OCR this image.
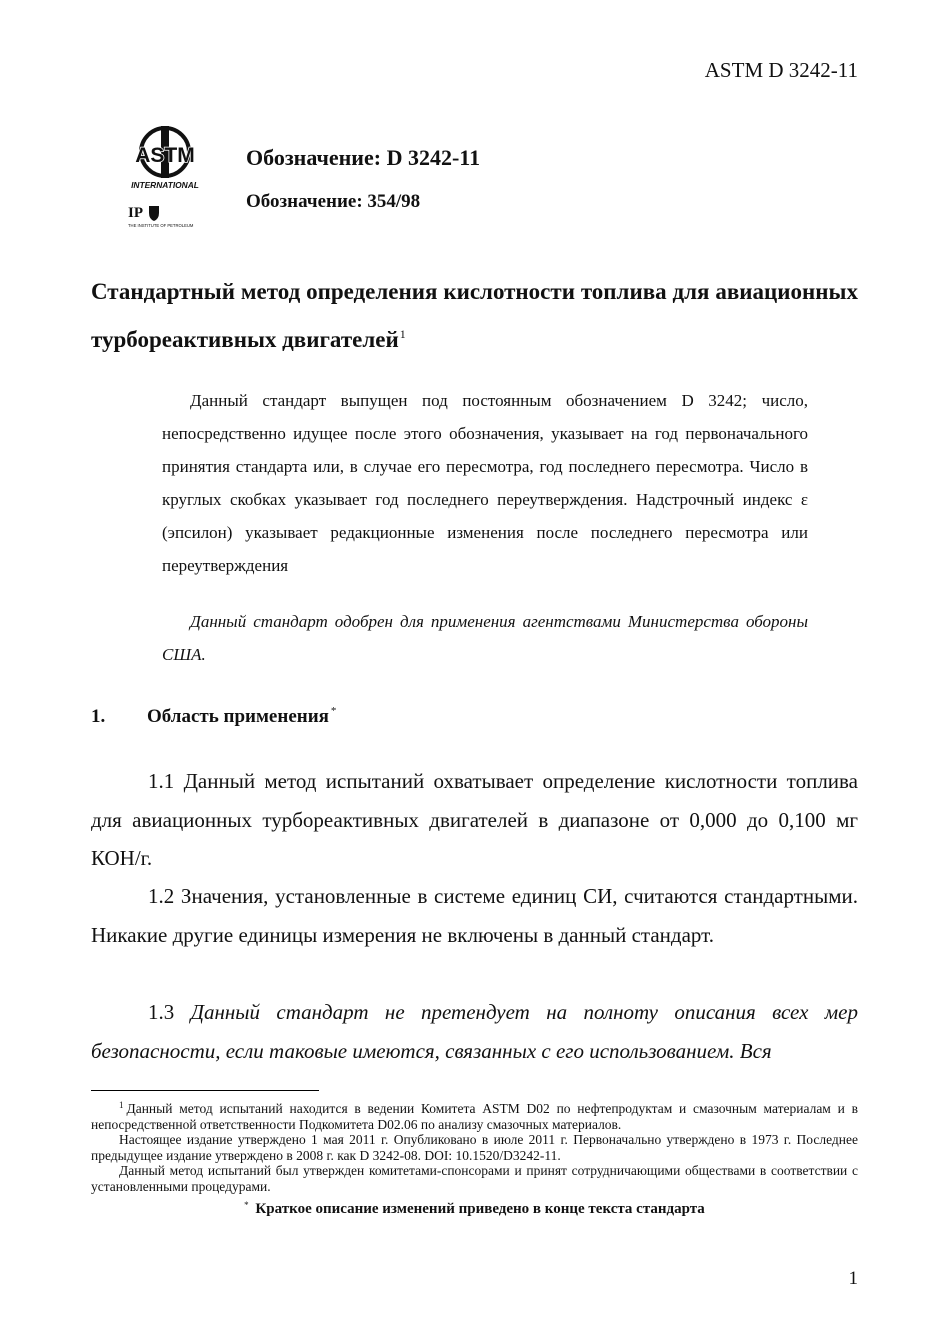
ASTM D 3242-11
ASTM
INTERNATIONAL
IP
THE INSTITUTE OF PETROLEUM
Обозначение: D 3242-11
Обозначение: 354/98
Стандартный метод определения кислотности топлива для авиационных турбореактивных двигателей$^1$

Данный стандарт выпущен под постоянным обозначением D 3242; число, непосредственно идущее после этого обозначения, указывает на год первоначального принятия стандарта или, в случае его пересмотра, год последнего пересмотра. Число в круглых скобках указывает год последнего переутверждения. Надстрочный индекс ε (эпсилон) указывает редакционные изменения после последнего пересмотра или переутверждения

Данный стандарт одобрен для применения агентствами Министерства обороны США.

1. Область применения *

1.1 Данный метод испытаний охватывает определение кислотности топлива для авиационных турбореактивных двигателей в диапазоне от 0,000 до 0,100 мг КОН/г.

1.2 Значения, установленные в системе единиц СИ, считаются стандартными. Никакие другие единицы измерения не включены в данный стандарт.

1.3 Данный стандарт не претендует на полноту описания всех мер безопасности, если таковые имеются, связанных с его использованием. Вся

$^1$ Данный метод испытаний находится в ведении Комитета ASTM D02 по нефтепродуктам и смазочным материалам и в непосредственной ответственности Подкомитета D02.06 по анализу смазочных материалов.

Настоящее издание утверждено 1 мая 2011 г. Опубликовано в июле 2011 г. Первоначально утверждено в 1973 г. Последнее предыдущее издание утверждено в 2008 г. как D 3242-08. DOI: 10.1520/D3242-11.

Данный метод испытаний был утвержден комитетами-спонсорами и принят сотрудничающими обществами в соответствии с установленными процедурами.

* Краткое описание изменений приведено в конце текста стандарта

1
